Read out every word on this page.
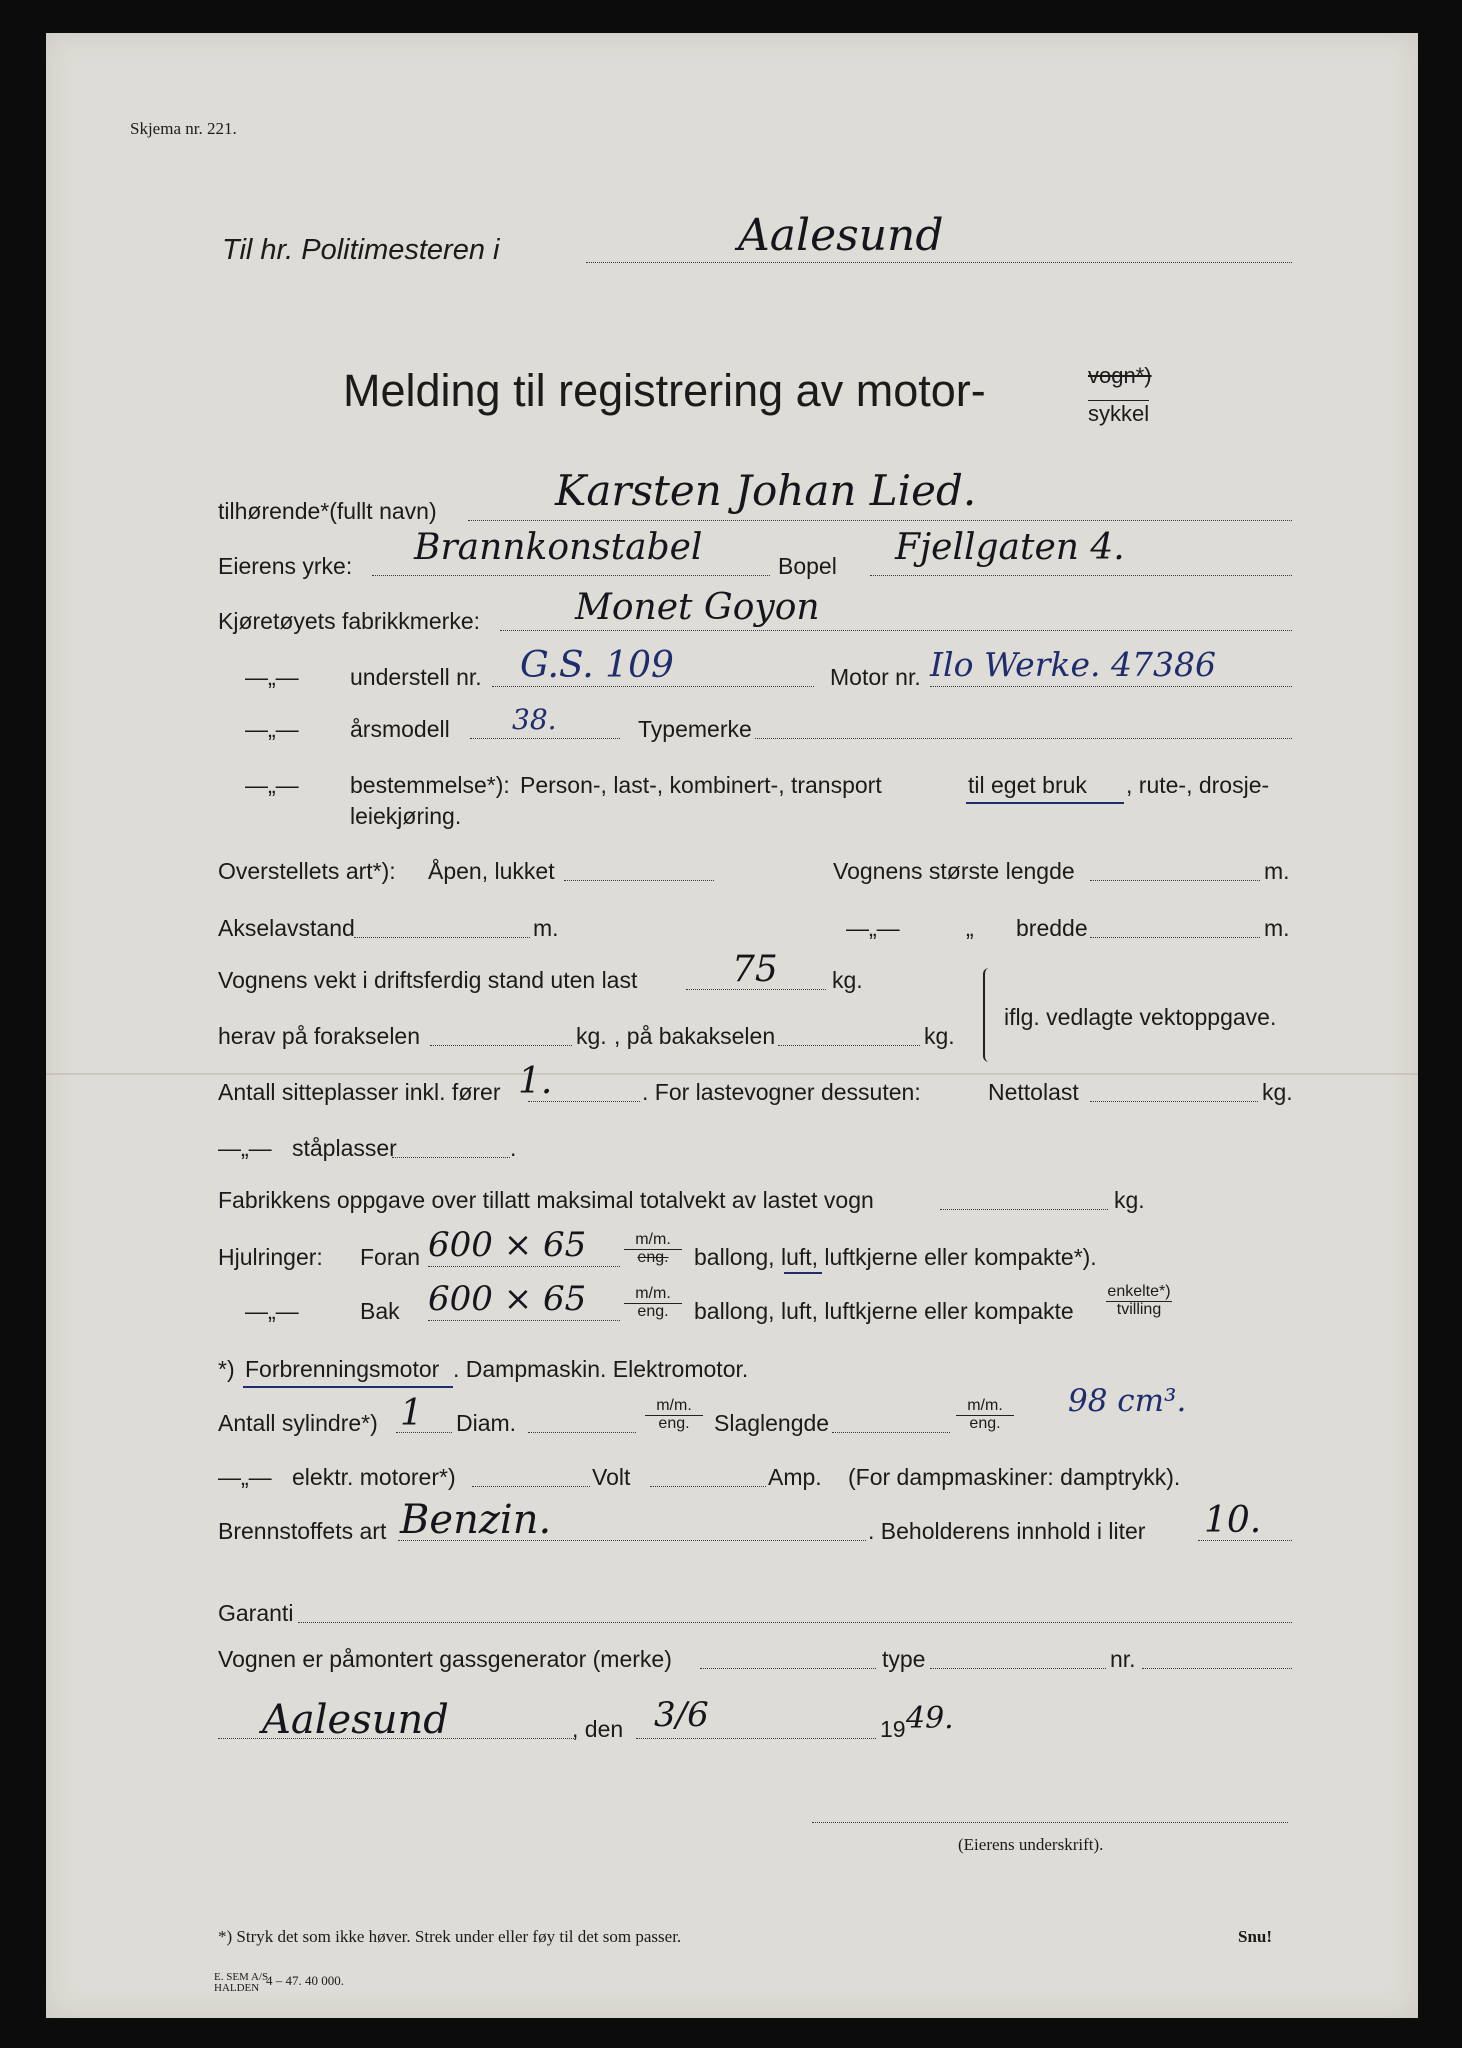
Skjema nr. 221.
Til hr. Politimesteren i	Aalesund
Melding til registrering av motor-	vogn*)
sykkel
tilhørende*(fullt navn)	Karsten Johan Lied.
Eierens yrke: Brannkonstabel	Bopel Fjellgaten 4.
Kjøretøyets fabrikkmerke:	Monet Goyon
—„— understell nr. G.S. 109	Motor nr. Ilo Werke. 47386
—„— årsmodell 38.	Typemerke
—„— bestemmelse*): Person-, last-, kombinert-, transport	til eget bruk , rute-, drosje-
leiekjøring.
Overstellets art*): Åpen, lukket	Vognens største lengde	m.
Akselavstand	m.	—„—	„ bredde	m.
Vognens vekt i driftsferdig stand uten last	75 kg.
iflg. vedlagte vektoppgave.
herav på forakselen	kg. , på bakakselen	kg.
Antall sitteplasser inkl. fører 1.	. For lastevogner dessuten:	Nettolast	kg.
—„— ståplasser	.
Fabrikkens oppgave over tillatt maksimal totalvekt av lastet vogn	kg.
Hjulringer: Foran 600 × 65	m/m.
eng.	ballong, luft, luftkjerne eller kompakte*).
—„—	Bak 600 × 65	m/m.
eng.	ballong, luft, luftkjerne eller kompakte
enkelte*)
tvilling
*) Forbrenningsmotor . Dampmaskin. Elektromotor.
Antall sylindre*) 1 Diam.
m/m.
eng.	Slaglengde
m/m.
eng.
98 cm³.
—„— elektr. motorer*)	Volt	Amp. (For dampmaskiner: damptrykk).
Brennstoffets art Benzin.	. Beholderens innhold i liter 10.
Garanti
Vognen er påmontert gassgenerator (merke)	type	nr.
Aalesund	, den 3/6	19 49.
(Eierens underskrift).
*) Stryk det som ikke høver. Strek under eller føy til det som passer.	Snu!
E. SEM A/S
HALDEN 4 – 47. 40 000.
